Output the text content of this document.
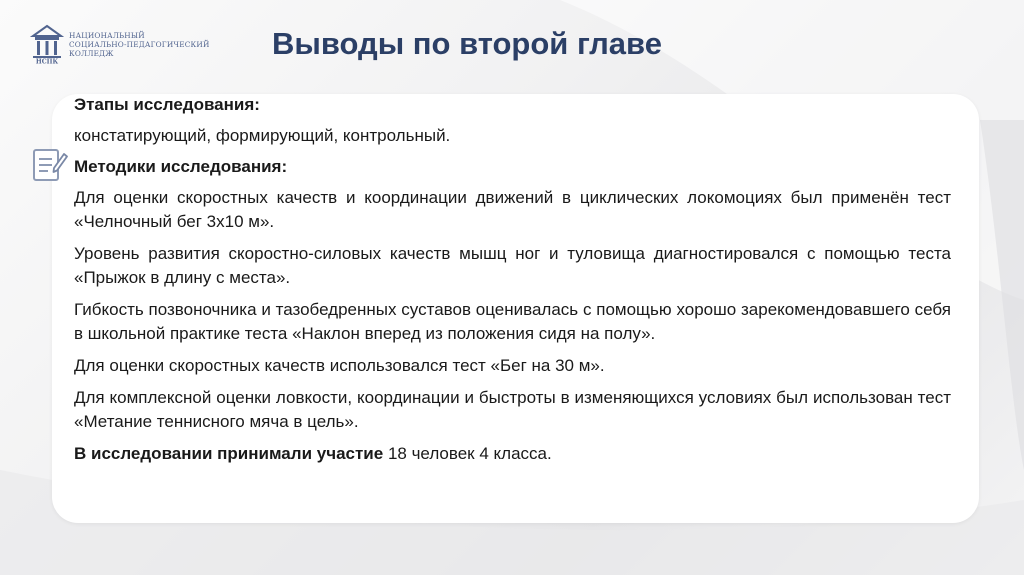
НСПК
НАЦИОНАЛЬНЫЙ
СОЦИАЛЬНО-ПЕДАГОГИЧЕСКИЙ
КОЛЛЕДЖ	Выводы по второй главе

Этапы исследования:

констатирующий, формирующий, контрольный.

Методики исследования:

Для оценки скоростных качеств и координации движений в циклических локомоциях был применён тест «Челночный бег 3х10 м».

Уровень развития скоростно-силовых качеств мышц ног и туловища диагностировался с помощью теста «Прыжок в длину с места».

Гибкость позвоночника и тазобедренных суставов оценивалась с помощью хорошо зарекомендовавшего себя в школьной практике теста «Наклон вперед из положения сидя на полу».

Для оценки скоростных качеств использовался тест «Бег на 30 м».

Для комплексной оценки ловкости, координации и быстроты в изменяющихся условиях был использован тест «Метание теннисного мяча в цель».

В исследовании принимали участие 18 человек 4 класса.
